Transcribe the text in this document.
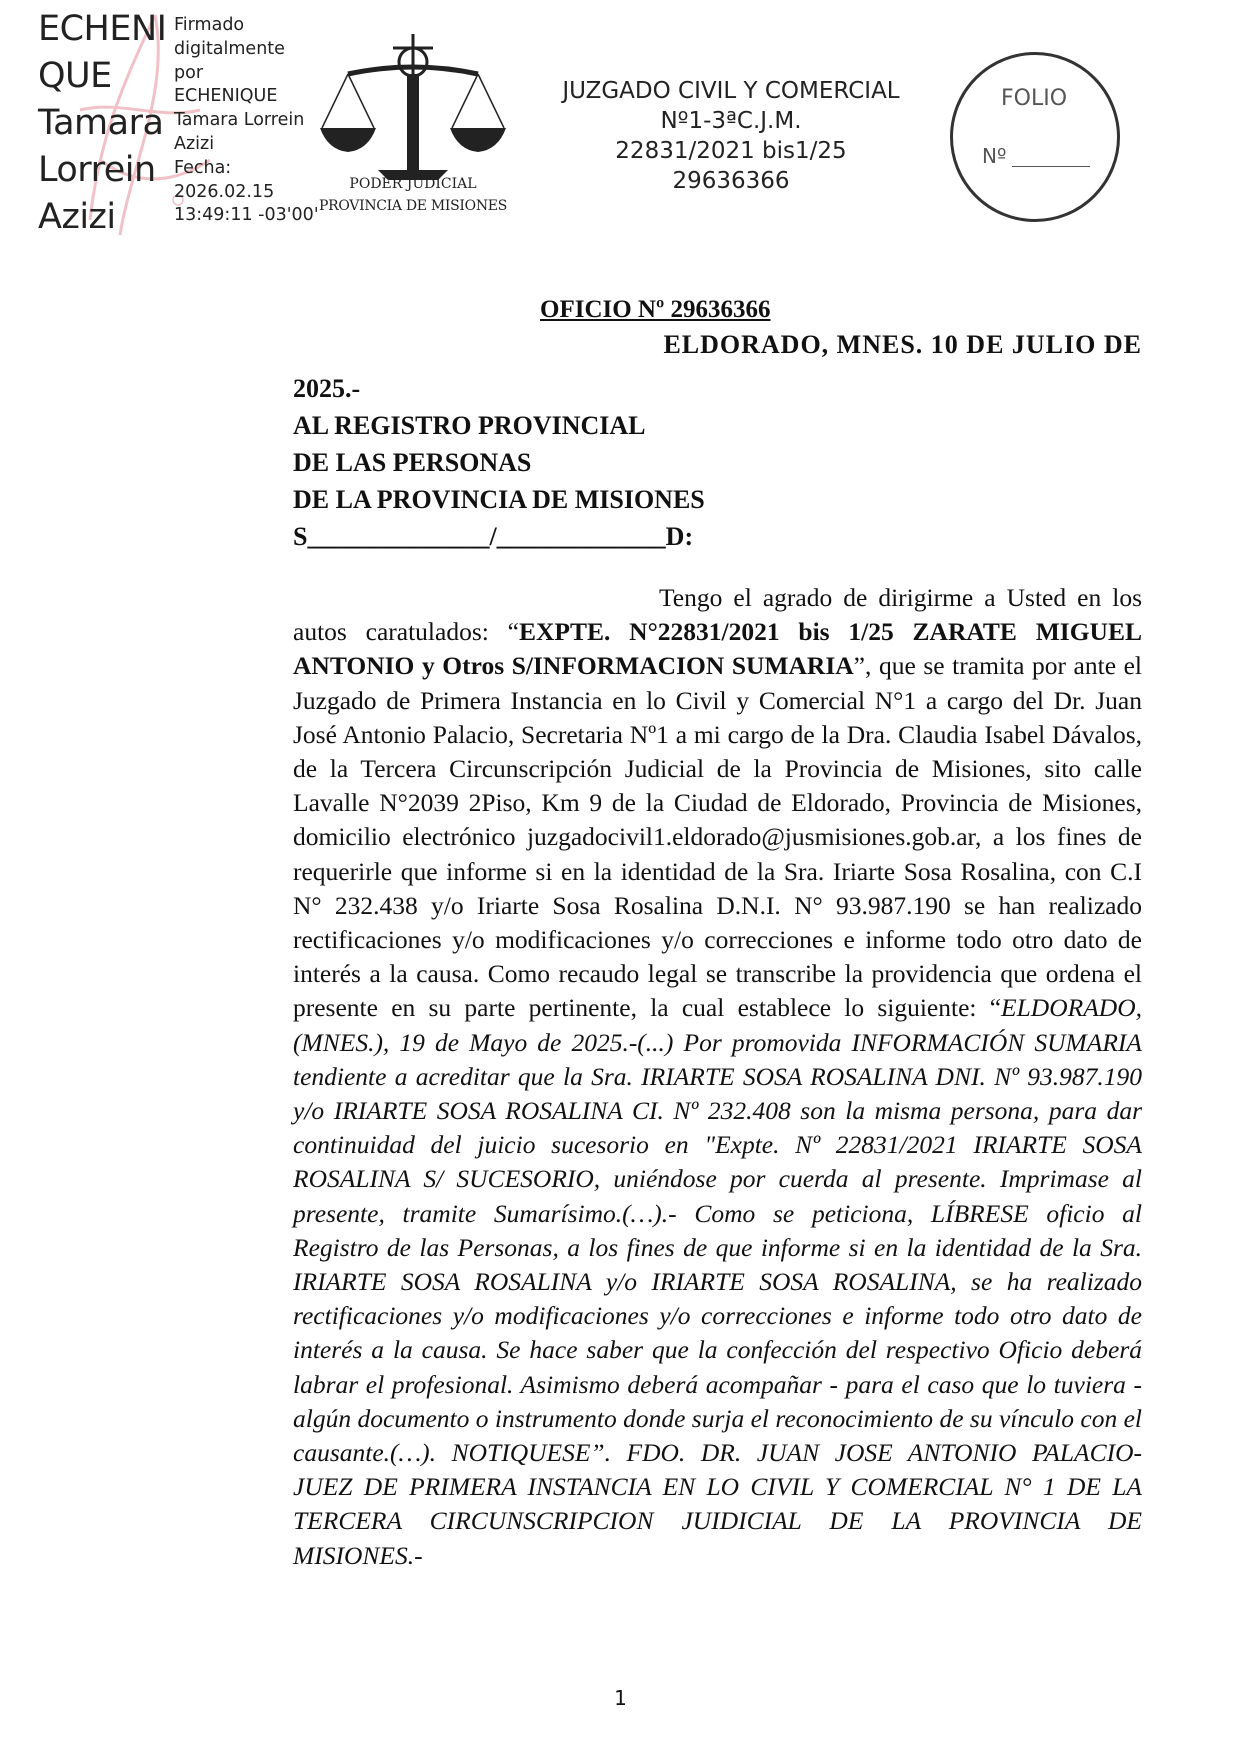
ECHENI
QUE
Tamara
Lorrein
Azizi
Firmado
digitalmente
por
ECHENIQUE
Tamara Lorrein
Azizi
Fecha:
2026.02.15
13:49:11 -03'00'
PODER JUDICIAL
PROVINCIA DE MISIONES
JUZGADO CIVIL Y COMERCIAL
Nº1-3ªC.J.M.
22831/2021 bis1/25
29636366
FOLIO
Nº
OFICIO Nº 29636366
ELDORADO, MNES. 10 DE JULIO DE
2025.-
AL REGISTRO PROVINCIAL
DE LAS PERSONAS
DE LA PROVINCIA DE MISIONES
S______________/_____________D:

Tengo el agrado de dirigirme a Usted en los autos caratulados: “EXPTE. N°22831/2021 bis 1/25 ZARATE MIGUEL ANTONIO y Otros S/INFORMACION SUMARIA”, que se tramita por ante el Juzgado de Primera Instancia en lo Civil y Comercial N°1 a cargo del Dr. Juan José Antonio Palacio, Secretaria Nº1 a mi cargo de la Dra. Claudia Isabel Dávalos, de la Tercera Circunscripción Judicial de la Provincia de Misiones, sito calle Lavalle N°2039 2Piso, Km 9 de la Ciudad de Eldorado, Provincia de Misiones, domicilio electrónico juzgadocivil1.eldorado@jusmisiones.gob.ar, a los fines de requerirle que informe si en la identidad de la Sra. Iriarte Sosa Rosalina, con C.I N° 232.438 y/o Iriarte Sosa Rosalina D.N.I. N° 93.987.190 se han realizado rectificaciones y/o modificaciones y/o correcciones e informe todo otro dato de interés a la causa. Como recaudo legal se transcribe la providencia que ordena el presente en su parte pertinente, la cual establece lo siguiente: “ELDORADO, (MNES.), 19 de Mayo de 2025.-(...) Por promovida INFORMACIÓN SUMARIA tendiente a acreditar que la Sra. IRIARTE SOSA ROSALINA DNI. Nº 93.987.190 y/o IRIARTE SOSA ROSALINA CI. Nº 232.408 son la misma persona, para dar continuidad del juicio sucesorio en "Expte. Nº 22831/2021 IRIARTE SOSA ROSALINA S/ SUCESORIO, uniéndose por cuerda al presente. Imprimase al presente, tramite Sumarísimo.(…).- Como se peticiona, LÍBRESE oficio al Registro de las Personas, a los fines de que informe si en la identidad de la Sra. IRIARTE SOSA ROSALINA y/o IRIARTE SOSA ROSALINA, se ha realizado rectificaciones y/o modificaciones y/o correcciones e informe todo otro dato de interés a la causa. Se hace saber que la confección del respectivo Oficio deberá labrar el profesional. Asimismo deberá acompañar - para el caso que lo tuviera - algún documento o instrumento donde surja el reconocimiento de su vínculo con el causante.(…). NOTIQUESE”. FDO. DR. JUAN JOSE ANTONIO PALACIO- JUEZ DE PRIMERA INSTANCIA EN LO CIVIL Y COMERCIAL N° 1 DE LA TERCERA CIRCUNSCRIPCION JUIDICIAL DE LA PROVINCIA DE MISIONES.-

1
